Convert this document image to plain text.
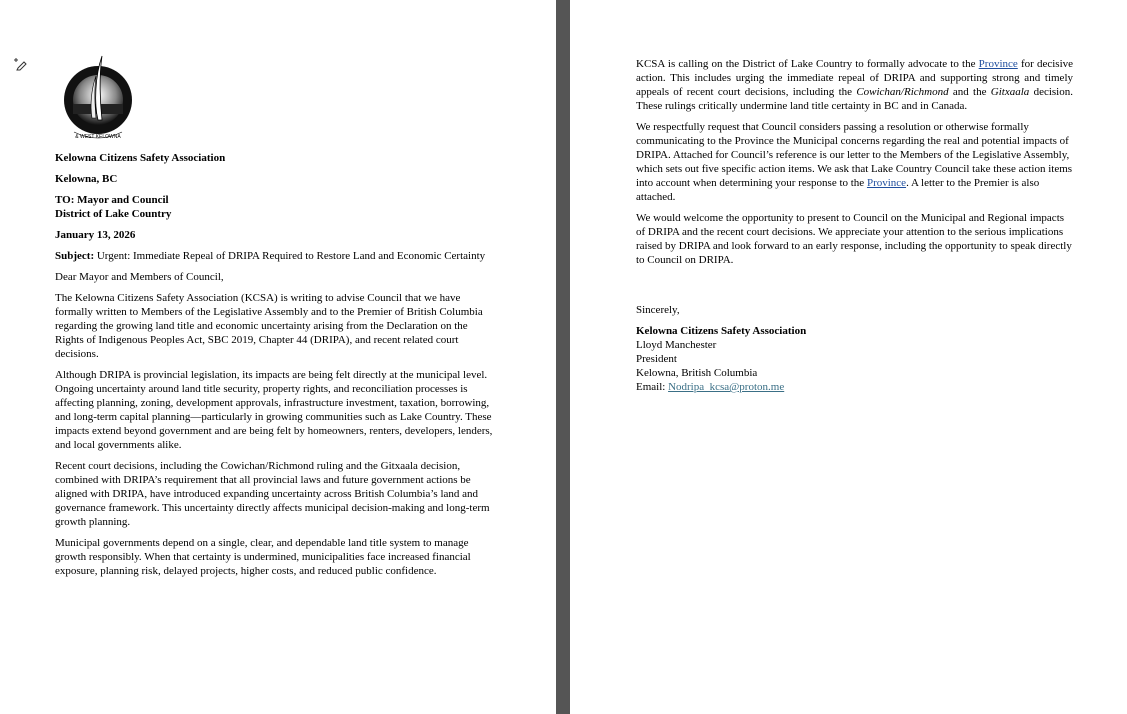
& WEST KELOWNA

Kelowna Citizens Safety Association

Kelowna, BC

TO: Mayor and Council
District of Lake Country

January 13, 2026

Subject: Urgent: Immediate Repeal of DRIPA Required to Restore Land and Economic Certainty

Dear Mayor and Members of Council,

The Kelowna Citizens Safety Association (KCSA) is writing to advise Council that we have formally written to Members of the Legislative Assembly and to the Premier of British Columbia regarding the growing land title and economic uncertainty arising from the Declaration on the Rights of Indigenous Peoples Act, SBC 2019, Chapter 44 (DRIPA), and recent related court decisions.

Although DRIPA is provincial legislation, its impacts are being felt directly at the municipal level. Ongoing uncertainty around land title security, property rights, and reconciliation processes is affecting planning, zoning, development approvals, infrastructure investment, taxation, borrowing, and long-term capital planning—particularly in growing communities such as Lake Country. These impacts extend beyond government and are being felt by homeowners, renters, developers, lenders, and local governments alike.

Recent court decisions, including the Cowichan/Richmond ruling and the Gitxaala decision, combined with DRIPA’s requirement that all provincial laws and future government actions be aligned with DRIPA, have introduced expanding uncertainty across British Columbia’s land and governance framework. This uncertainty directly affects municipal decision-making and long-term growth planning.

Municipal governments depend on a single, clear, and dependable land title system to manage growth responsibly. When that certainty is undermined, municipalities face increased financial exposure, planning risk, delayed projects, higher costs, and reduced public confidence.

KCSA is calling on the District of Lake Country to formally advocate to the Province for decisive action. This includes urging the immediate repeal of DRIPA and supporting strong and timely appeals of recent court decisions, including the Cowichan/Richmond and the Gitxaala decision. These rulings critically undermine land title certainty in BC and in Canada.

We respectfully request that Council considers passing a resolution or otherwise formally communicating to the Province the Municipal concerns regarding the real and potential impacts of DRIPA. Attached for Council’s reference is our letter to the Members of the Legislative Assembly, which sets out five specific action items. We ask that Lake Country Council take these action items into account when determining your response to the Province. A letter to the Premier is also attached.

We would welcome the opportunity to present to Council on the Municipal and Regional impacts of DRIPA and the recent court decisions. We appreciate your attention to the serious implications raised by DRIPA and look forward to an early response, including the opportunity to speak directly to Council on DRIPA.

Sincerely,

Kelowna Citizens Safety Association
Lloyd Manchester
President
Kelowna, British Columbia
Email: Nodripa_kcsa@proton.me
